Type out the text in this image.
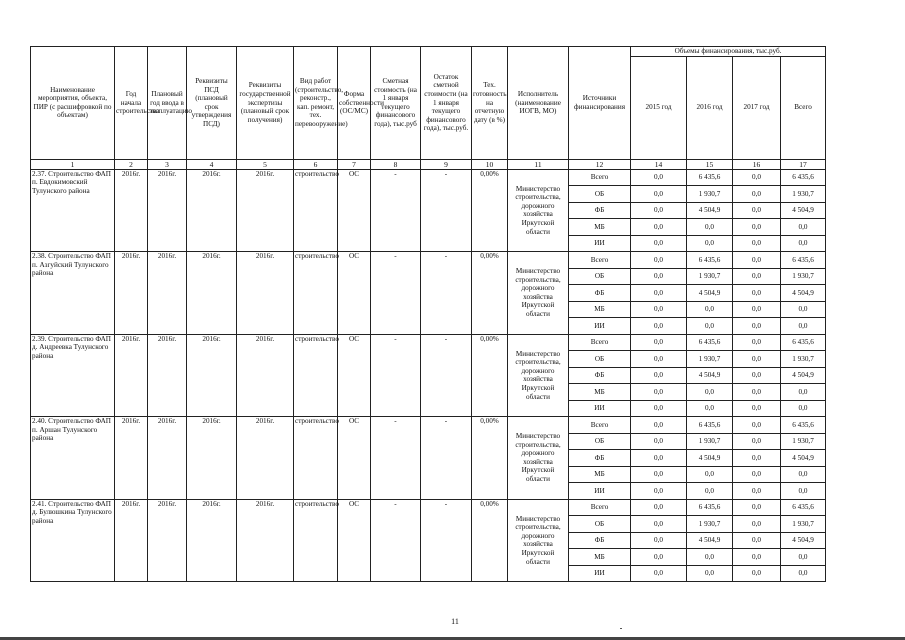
Наименование мероприятия, объекта, ПИР (с расшифровкой по объектам)	Год начала строительства	Плановый год ввода в эксплуатацию	Реквизиты ПСД (плановый срок утверждения ПСД)	Реквизиты государственной экспертизы (плановый срок получения)	Вид работ (строительство, реконстр., кап. ремонт, тех. перевооружение)	Форма собственности (ОС/МС)	Сметная стоимость (на 1 января текущего финансового года), тыс.руб	Остаток сметной стоимости (на 1 января текущего финансового года), тыс.руб.	Тех. готовность на отчетную дату (в %)	Исполнитель (наименование ИОГВ, МО)	Источники финансирования	Объемы финансирования, тыс.руб.			
												2015 год	2016 год	2017 год	Всего
1	2	3	4	5	6	7	8	9	10	11	12	14	15	16	17
2.37. Строительство ФАП п. Евдокимовский Тулунского района	2016г.	2016г.	2016г.	2016г.	строительство	ОС	-	-	0,00%	Министерство строительства, дорожного хозяйства Иркутской области	Всего	0,0	6 435,6	0,0	6 435,6
											ОБ	0,0	1 930,7	0,0	1 930,7
											ФБ	0,0	4 504,9	0,0	4 504,9
											МБ	0,0	0,0	0,0	0,0
											ИИ	0,0	0,0	0,0	0,0
2.38. Строительство ФАП п. Азгуйский Тулунского района	2016г.	2016г.	2016г.	2016г.	строительство	ОС	-	-	0,00%	Министерство строительства, дорожного хозяйства Иркутской области	Всего	0,0	6 435,6	0,0	6 435,6
											ОБ	0,0	1 930,7	0,0	1 930,7
											ФБ	0,0	4 504,9	0,0	4 504,9
											МБ	0,0	0,0	0,0	0,0
											ИИ	0,0	0,0	0,0	0,0
2.39. Строительство ФАП д. Андреевка Тулунского района	2016г.	2016г.	2016г.	2016г.	строительство	ОС	-	-	0,00%	Министерство строительства, дорожного хозяйства Иркутской области	Всего	0,0	6 435,6	0,0	6 435,6
											ОБ	0,0	1 930,7	0,0	1 930,7
											ФБ	0,0	4 504,9	0,0	4 504,9
											МБ	0,0	0,0	0,0	0,0
											ИИ	0,0	0,0	0,0	0,0
2.40. Строительство ФАП п. Аршан Тулунского района	2016г.	2016г.	2016г.	2016г.	строительство	ОС	-	-	0,00%	Министерство строительства, дорожного хозяйства Иркутской области	Всего	0,0	6 435,6	0,0	6 435,6
											ОБ	0,0	1 930,7	0,0	1 930,7
											ФБ	0,0	4 504,9	0,0	4 504,9
											МБ	0,0	0,0	0,0	0,0
											ИИ	0,0	0,0	0,0	0,0
2.41. Строительство ФАП д. Булюшкина Тулунского района	2016г.	2016г.	2016г.	2016г.	строительство	ОС	-	-	0,00%	Министерство строительства, дорожного хозяйства Иркутской области	Всего	0,0	6 435,6	0,0	6 435,6
											ОБ	0,0	1 930,7	0,0	1 930,7
											ФБ	0,0	4 504,9	0,0	4 504,9
											МБ	0,0	0,0	0,0	0,0
											ИИ	0,0	0,0	0,0	0,0
11
